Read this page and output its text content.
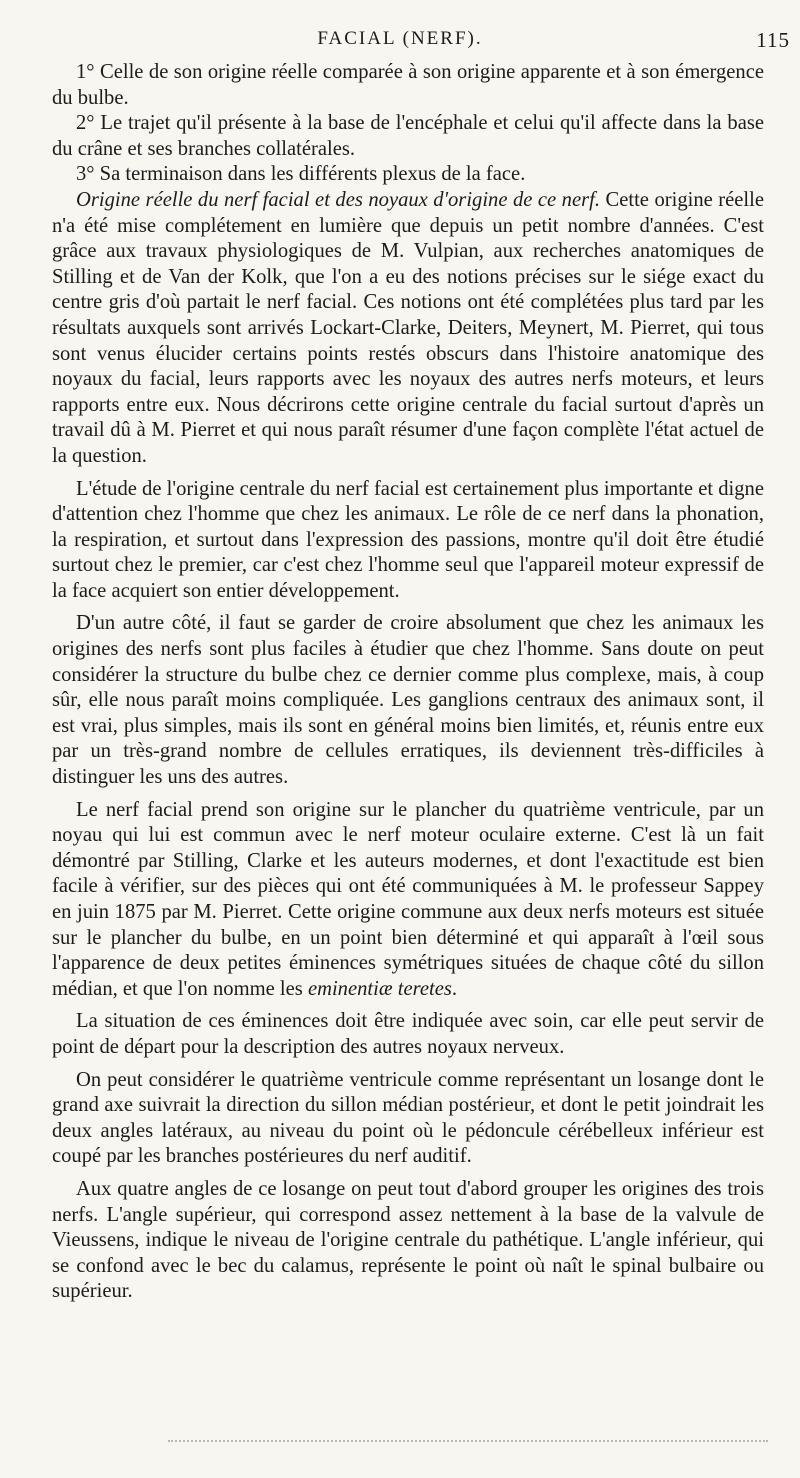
FACIAL (NERF).	115

1° Celle de son origine réelle comparée à son origine apparente et à son émergence du bulbe.

2° Le trajet qu'il présente à la base de l'encéphale et celui qu'il affecte dans la base du crâne et ses branches collatérales.

3° Sa terminaison dans les différents plexus de la face.

Origine réelle du nerf facial et des noyaux d'origine de ce nerf. Cette origine réelle n'a été mise complétement en lumière que depuis un petit nombre d'années. C'est grâce aux travaux physiologiques de M. Vulpian, aux recherches anatomiques de Stilling et de Van der Kolk, que l'on a eu des notions précises sur le siége exact du centre gris d'où partait le nerf facial. Ces notions ont été complétées plus tard par les résultats auxquels sont arrivés Lockart-Clarke, Deiters, Meynert, M. Pierret, qui tous sont venus élucider certains points restés obscurs dans l'histoire anatomique des noyaux du facial, leurs rapports avec les noyaux des autres nerfs moteurs, et leurs rapports entre eux. Nous décrirons cette origine centrale du facial surtout d'après un travail dû à M. Pierret et qui nous paraît résumer d'une façon complète l'état actuel de la question.

L'étude de l'origine centrale du nerf facial est certainement plus importante et digne d'attention chez l'homme que chez les animaux. Le rôle de ce nerf dans la phonation, la respiration, et surtout dans l'expression des passions, montre qu'il doit être étudié surtout chez le premier, car c'est chez l'homme seul que l'appareil moteur expressif de la face acquiert son entier développement.

D'un autre côté, il faut se garder de croire absolument que chez les animaux les origines des nerfs sont plus faciles à étudier que chez l'homme. Sans doute on peut considérer la structure du bulbe chez ce dernier comme plus complexe, mais, à coup sûr, elle nous paraît moins compliquée. Les ganglions centraux des animaux sont, il est vrai, plus simples, mais ils sont en général moins bien limités, et, réunis entre eux par un très-grand nombre de cellules erratiques, ils deviennent très-difficiles à distinguer les uns des autres.

Le nerf facial prend son origine sur le plancher du quatrième ventricule, par un noyau qui lui est commun avec le nerf moteur oculaire externe. C'est là un fait démontré par Stilling, Clarke et les auteurs modernes, et dont l'exactitude est bien facile à vérifier, sur des pièces qui ont été communiquées à M. le professeur Sappey en juin 1875 par M. Pierret. Cette origine commune aux deux nerfs moteurs est située sur le plancher du bulbe, en un point bien déterminé et qui apparaît à l'œil sous l'apparence de deux petites éminences symétriques situées de chaque côté du sillon médian, et que l'on nomme les eminentiæ teretes.

La situation de ces éminences doit être indiquée avec soin, car elle peut servir de point de départ pour la description des autres noyaux nerveux.

On peut considérer le quatrième ventricule comme représentant un losange dont le grand axe suivrait la direction du sillon médian postérieur, et dont le petit joindrait les deux angles latéraux, au niveau du point où le pédoncule cérébelleux inférieur est coupé par les branches postérieures du nerf auditif.

Aux quatre angles de ce losange on peut tout d'abord grouper les origines des trois nerfs. L'angle supérieur, qui correspond assez nettement à la base de la valvule de Vieussens, indique le niveau de l'origine centrale du pathétique. L'angle inférieur, qui se confond avec le bec du calamus, représente le point où naît le spinal bulbaire ou supérieur.
